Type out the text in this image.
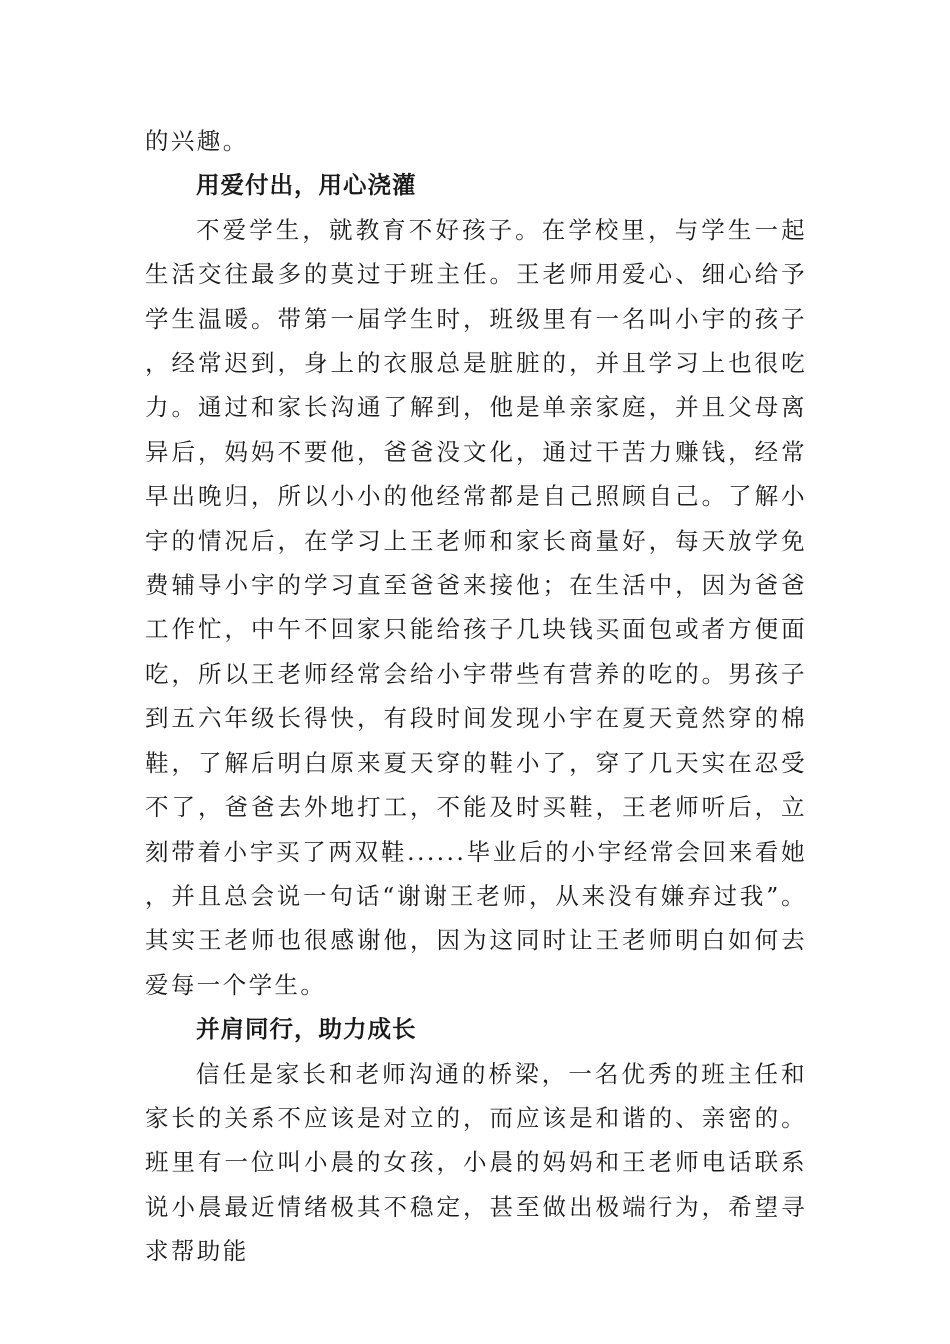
的兴趣。

用爱付出，用心浇灌

不爱学生，就教育不好孩子。在学校里，与学生一起生活交往最多的莫过于班主任。王老师用爱心、细心给予学生温暖。带第一届学生时，班级里有一名叫小宇的孩子，经常迟到，身上的衣服总是脏脏的，并且学习上也很吃力。通过和家长沟通了解到，他是单亲家庭，并且父母离异后，妈妈不要他，爸爸没文化，通过干苦力赚钱，经常早出晚归，所以小小的他经常都是自己照顾自己。了解小宇的情况后，在学习上王老师和家长商量好，每天放学免费辅导小宇的学习直至爸爸来接他；在生活中，因为爸爸工作忙，中午不回家只能给孩子几块钱买面包或者方便面吃，所以王老师经常会给小宇带些有营养的吃的。男孩子到五六年级长得快，有段时间发现小宇在夏天竟然穿的棉鞋，了解后明白原来夏天穿的鞋小了，穿了几天实在忍受不了，爸爸去外地打工，不能及时买鞋，王老师听后，立刻带着小宇买了两双鞋......毕业后的小宇经常会回来看她，并且总会说一句话“谢谢王老师，从来没有嫌弃过我”。其实王老师也很感谢他，因为这同时让王老师明白如何去爱每一个学生。

并肩同行，助力成长

信任是家长和老师沟通的桥梁，一名优秀的班主任和家长的关系不应该是对立的，而应该是和谐的、亲密的。班里有一位叫小晨的女孩，小晨的妈妈和王老师电话联系说小晨最近情绪极其不稳定，甚至做出极端行为，希望寻求帮助能
